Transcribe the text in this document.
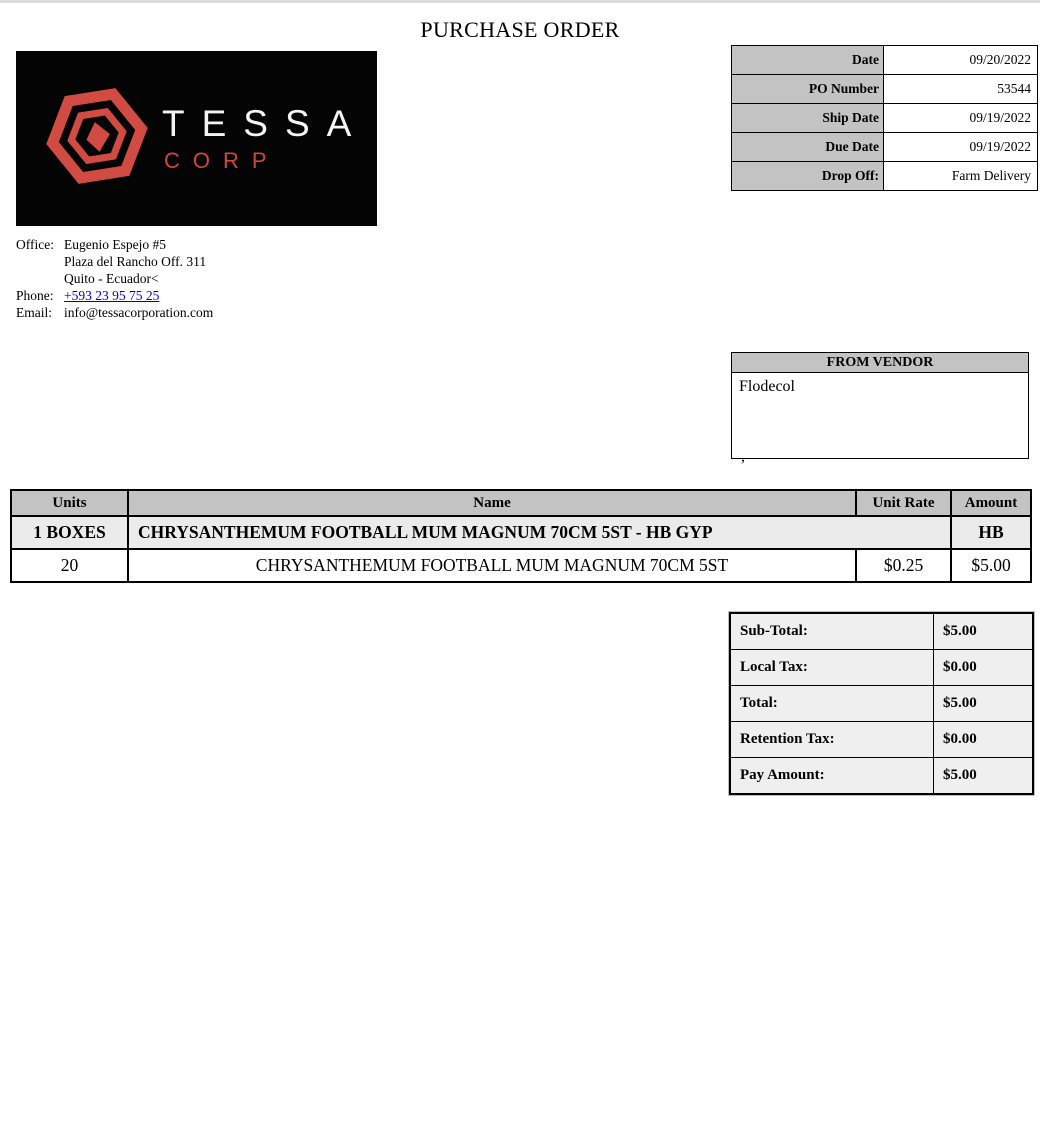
PURCHASE ORDER
TESSA
CORP
Office: Eugenio Espejo #5
Plaza del Rancho Off. 311
Quito - Ecuador<
Phone: +593 23 95 75 25
Email: info@tessacorporation.com
Date	09/20/2022
PO Number	53544
Ship Date	09/19/2022
Due Date	09/19/2022
Drop Off:	Farm Delivery
FROM VENDOR
Flodecol
,
Units	Name	Unit Rate	Amount
1 BOXES	CHRYSANTHEMUM FOOTBALL MUM MAGNUM 70CM 5ST - HB GYP		HB
20	CHRYSANTHEMUM FOOTBALL MUM MAGNUM 70CM 5ST	$0.25	$5.00
Sub-Total:	$5.00
Local Tax:	$0.00
Total:	$5.00
Retention Tax:	$0.00
Pay Amount:	$5.00
